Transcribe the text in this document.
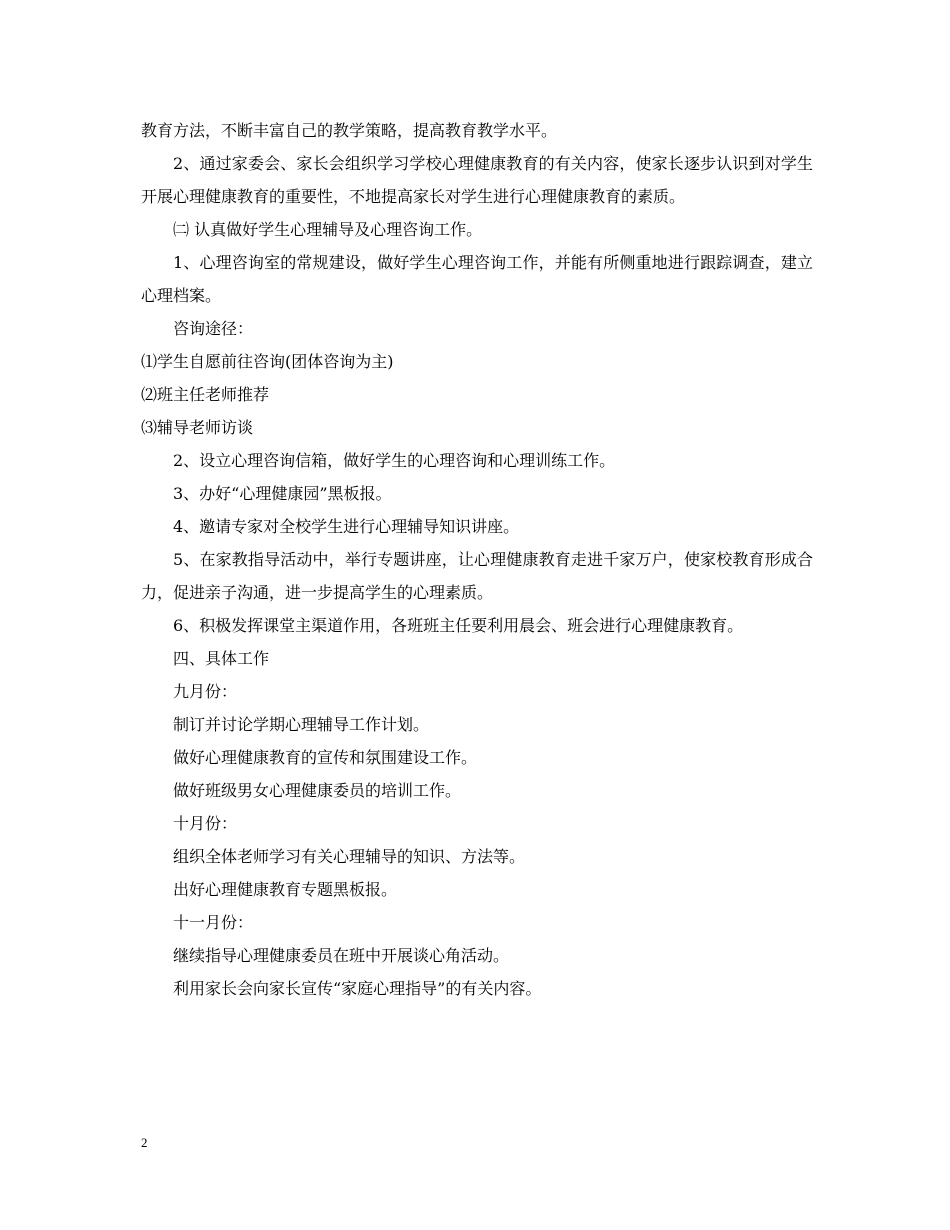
教育方法，不断丰富自己的教学策略，提高教育教学水平。

2、通过家委会、家长会组织学习学校心理健康教育的有关内容，使家长逐步认识到对学生开展心理健康教育的重要性，不地提高家长对学生进行心理健康教育的素质。

㈡ 认真做好学生心理辅导及心理咨询工作。

1、心理咨询室的常规建设，做好学生心理咨询工作，并能有所侧重地进行跟踪调查，建立心理档案。

咨询途径：

⑴学生自愿前往咨询(团体咨询为主)

⑵班主任老师推荐

⑶辅导老师访谈

2、设立心理咨询信箱，做好学生的心理咨询和心理训练工作。

3、办好“心理健康园”黑板报。

4、邀请专家对全校学生进行心理辅导知识讲座。

5、在家教指导活动中，举行专题讲座，让心理健康教育走进千家万户，使家校教育形成合力，促进亲子沟通，进一步提高学生的心理素质。

6、积极发挥课堂主渠道作用，各班班主任要利用晨会、班会进行心理健康教育。

四、具体工作

九月份：

制订并讨论学期心理辅导工作计划。

做好心理健康教育的宣传和氛围建设工作。

做好班级男女心理健康委员的培训工作。

十月份：

组织全体老师学习有关心理辅导的知识、方法等。

出好心理健康教育专题黑板报。

十一月份：

继续指导心理健康委员在班中开展谈心角活动。

利用家长会向家长宣传“家庭心理指导”的有关内容。

2
